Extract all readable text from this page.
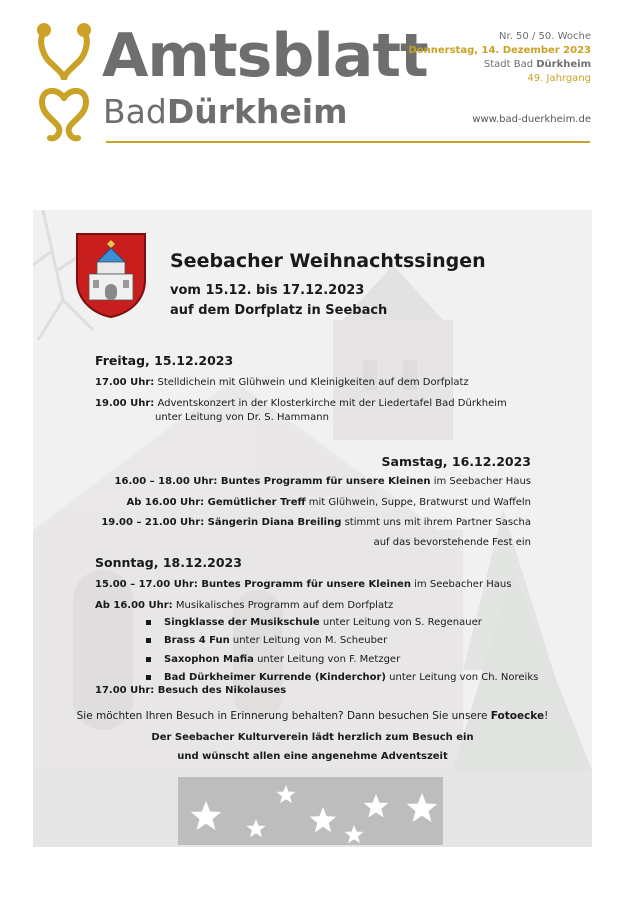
Amtsblatt
BadDürkheim
Nr. 50 / 50. Woche
Donnerstag, 14. Dezember 2023
Stadt Bad Dürkheim
49. Jahrgang
www.bad-duerkheim.de
Seebacher Weihnachtssingen
vom 15.12. bis 17.12.2023
auf dem Dorfplatz in Seebach
Freitag, 15.12.2023
17.00 Uhr: Stelldichein mit Glühwein und Kleinigkeiten auf dem Dorfplatz
19.00 Uhr: Adventskonzert in der Klosterkirche mit der Liedertafel Bad Dürkheim
unter Leitung von Dr. S. Hammann
Samstag, 16.12.2023
16.00 – 18.00 Uhr: Buntes Programm für unsere Kleinen im Seebacher Haus
Ab 16.00 Uhr: Gemütlicher Treff mit Glühwein, Suppe, Bratwurst und Waffeln
19.00 – 21.00 Uhr: Sängerin Diana Breiling stimmt uns mit ihrem Partner Sascha
auf das bevorstehende Fest ein
Sonntag, 18.12.2023
15.00 – 17.00 Uhr: Buntes Programm für unsere Kleinen im Seebacher Haus
Ab 16.00 Uhr: Musikalisches Programm auf dem Dorfplatz
Singklasse der Musikschule unter Leitung von S. Regenauer
Brass 4 Fun unter Leitung von M. Scheuber
Saxophon Mafia unter Leitung von F. Metzger
Bad Dürkheimer Kurrende (Kinderchor) unter Leitung von Ch. Noreiks
17.00 Uhr: Besuch des Nikolauses
Sie möchten Ihren Besuch in Erinnerung behalten? Dann besuchen Sie unsere Fotoecke!
Der Seebacher Kulturverein lädt herzlich zum Besuch ein
und wünscht allen eine angenehme Adventszeit
